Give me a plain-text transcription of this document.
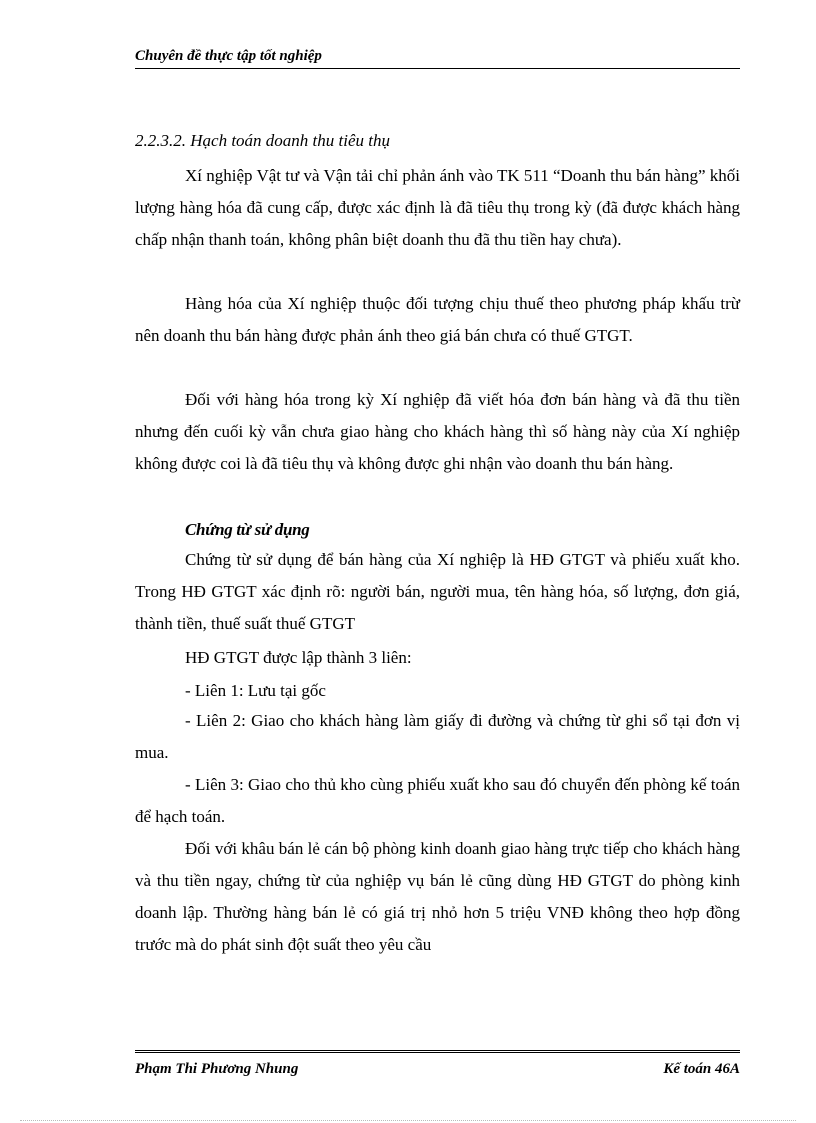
Chuyên đề thực tập tốt nghiệp
2.2.3.2. Hạch toán doanh thu tiêu thụ

Xí nghiệp Vật tư và Vận tải chỉ phản ánh vào TK 511 “Doanh thu bán hàng” khối lượng hàng hóa đã cung cấp, được xác định là đã tiêu thụ trong kỳ (đã được khách hàng chấp nhận thanh toán, không phân biệt doanh thu đã thu tiền hay chưa).

Hàng hóa của Xí nghiệp thuộc đối tượng chịu thuế theo phương pháp khấu trừ nên doanh thu bán hàng được phản ánh theo giá bán chưa có thuế GTGT.

Đối với hàng hóa trong kỳ Xí nghiệp đã viết hóa đơn bán hàng và đã thu tiền nhưng đến cuối kỳ vẫn chưa giao hàng cho khách hàng thì số hàng này của Xí nghiệp không được coi là đã tiêu thụ và không được ghi nhận vào doanh thu bán hàng.

Chứng từ sử dụng

Chứng từ sử dụng để bán hàng của Xí nghiệp là HĐ GTGT và phiếu xuất kho. Trong HĐ GTGT xác định rõ: người bán, người mua, tên hàng hóa, số lượng, đơn giá, thành tiền, thuế suất thuế GTGT

HĐ GTGT được lập thành 3 liên:
- Liên 1: Lưu tại gốc

- Liên 2: Giao cho khách hàng làm giấy đi đường và chứng từ ghi sổ tại đơn vị mua.

- Liên 3: Giao cho thủ kho cùng phiếu xuất kho sau đó chuyển đến phòng kế toán để hạch toán.

Đối với khâu bán lẻ cán bộ phòng kinh doanh giao hàng trực tiếp cho khách hàng và thu tiền ngay, chứng từ của nghiệp vụ bán lẻ cũng dùng HĐ GTGT do phòng kinh doanh lập. Thường hàng bán lẻ có giá trị nhỏ hơn 5 triệu VNĐ không theo hợp đồng trước mà do phát sinh đột suất theo yêu cầu

Phạm Thi Phương Nhung	Kế toán 46A
